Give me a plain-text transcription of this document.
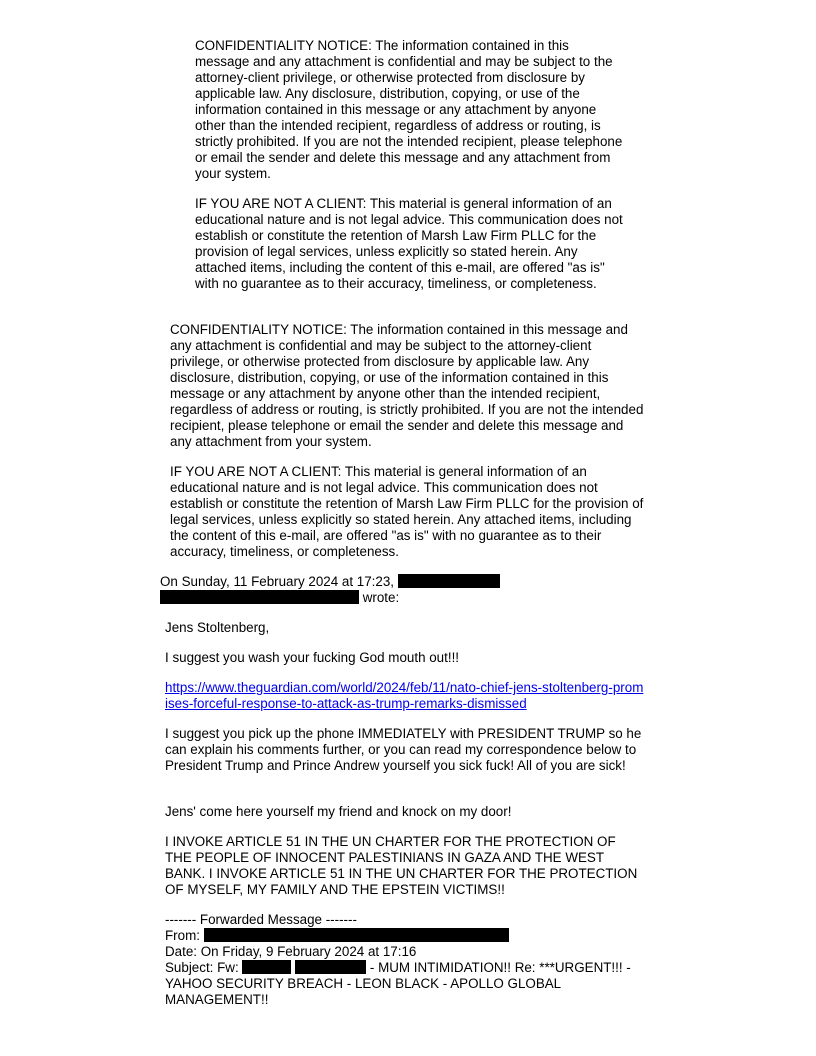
CONFIDENTIALITY NOTICE: The information contained in this message and any attachment is confidential and may be subject to the attorney-client privilege, or otherwise protected from disclosure by applicable law. Any disclosure, distribution, copying, or use of the information contained in this message or any attachment by anyone other than the intended recipient, regardless of address or routing, is strictly prohibited. If you are not the intended recipient, please telephone or email the sender and delete this message and any attachment from your system.

IF YOU ARE NOT A CLIENT: This material is general information of an educational nature and is not legal advice. This communication does not establish or constitute the retention of Marsh Law Firm PLLC for the provision of legal services, unless explicitly so stated herein. Any attached items, including the content of this e-mail, are offered "as is" with no guarantee as to their accuracy, timeliness, or completeness.

CONFIDENTIALITY NOTICE: The information contained in this message and any attachment is confidential and may be subject to the attorney-client privilege, or otherwise protected from disclosure by applicable law. Any disclosure, distribution, copying, or use of the information contained in this message or any attachment by anyone other than the intended recipient, regardless of address or routing, is strictly prohibited. If you are not the intended recipient, please telephone or email the sender and delete this message and any attachment from your system.

IF YOU ARE NOT A CLIENT: This material is general information of an educational nature and is not legal advice. This communication does not establish or constitute the retention of Marsh Law Firm PLLC for the provision of legal services, unless explicitly so stated herein. Any attached items, including the content of this e-mail, are offered "as is" with no guarantee as to their accuracy, timeliness, or completeness.

On Sunday, 11 February 2024 at 17:23,
wrote:

Jens Stoltenberg,

I suggest you wash your fucking God mouth out!!!

https://www.theguardian.com/world/2024/feb/11/nato-chief-jens-stoltenberg-promises-forceful-response-to-attack-as-trump-remarks-dismissed

I suggest you pick up the phone IMMEDIATELY with PRESIDENT TRUMP so he can explain his comments further, or you can read my correspondence below to President Trump and Prince Andrew yourself you sick fuck! All of you are sick!

Jens' come here yourself my friend and knock on my door!

I INVOKE ARTICLE 51 IN THE UN CHARTER FOR THE PROTECTION OF THE PEOPLE OF INNOCENT PALESTINIANS IN GAZA AND THE WEST BANK. I INVOKE ARTICLE 51 IN THE UN CHARTER FOR THE PROTECTION OF MYSELF, MY FAMILY AND THE EPSTEIN VICTIMS!!

------- Forwarded Message -------
From:
Date: On Friday, 9 February 2024 at 17:16
Subject: Fw:	- MUM INTIMIDATION!! Re: ***URGENT!!! - YAHOO SECURITY BREACH - LEON BLACK - APOLLO GLOBAL MANAGEMENT!!
